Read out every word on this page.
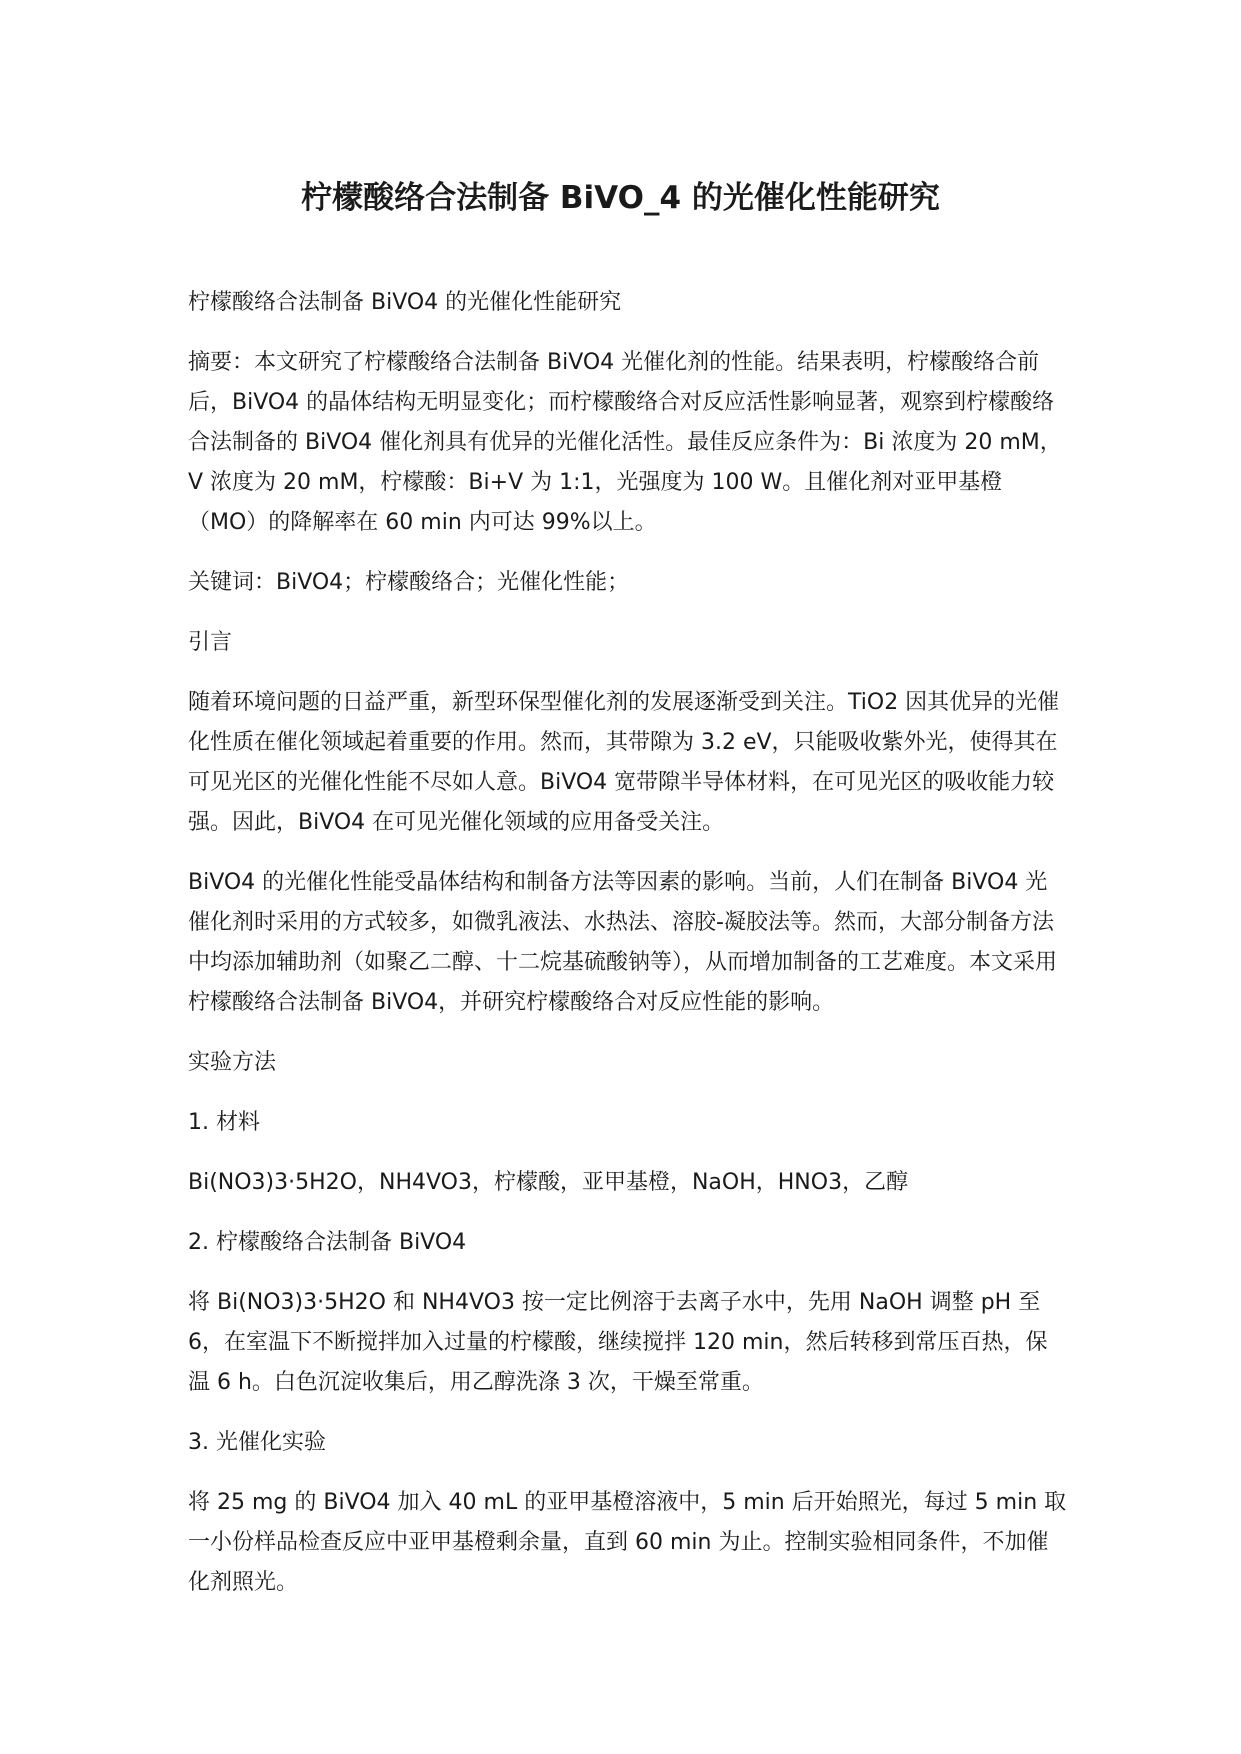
柠檬酸络合法制备 BiVO_4 的光催化性能研究

柠檬酸络合法制备 BiVO4 的光催化性能研究

摘要：本文研究了柠檬酸络合法制备 BiVO4 光催化剂的性能。结果表明，柠檬酸络合前后，BiVO4 的晶体结构无明显变化；而柠檬酸络合对反应活性影响显著，观察到柠檬酸络合法制备的 BiVO4 催化剂具有优异的光催化活性。最佳反应条件为：Bi 浓度为 20 mM，V 浓度为 20 mM，柠檬酸：Bi+V 为 1:1，光强度为 100 W。且催化剂对亚甲基橙（MO）的降解率在 60 min 内可达 99%以上。

关键词：BiVO4；柠檬酸络合；光催化性能；

引言

随着环境问题的日益严重，新型环保型催化剂的发展逐渐受到关注。TiO2 因其优异的光催化性质在催化领域起着重要的作用。然而，其带隙为 3.2 eV，只能吸收紫外光，使得其在可见光区的光催化性能不尽如人意。BiVO4 宽带隙半导体材料，在可见光区的吸收能力较强。因此，BiVO4 在可见光催化领域的应用备受关注。

BiVO4 的光催化性能受晶体结构和制备方法等因素的影响。当前，人们在制备 BiVO4 光催化剂时采用的方式较多，如微乳液法、水热法、溶胶-凝胶法等。然而，大部分制备方法中均添加辅助剂（如聚乙二醇、十二烷基硫酸钠等），从而增加制备的工艺难度。本文采用柠檬酸络合法制备 BiVO4，并研究柠檬酸络合对反应性能的影响。

实验方法

1. 材料

Bi(NO3)3·5H2O，NH4VO3，柠檬酸，亚甲基橙，NaOH，HNO3，乙醇

2. 柠檬酸络合法制备 BiVO4

将 Bi(NO3)3·5H2O 和 NH4VO3 按一定比例溶于去离子水中，先用 NaOH 调整 pH 至 6，在室温下不断搅拌加入过量的柠檬酸，继续搅拌 120 min，然后转移到常压百热，保温 6 h。白色沉淀收集后，用乙醇洗涤 3 次，干燥至常重。

3. 光催化实验

将 25 mg 的 BiVO4 加入 40 mL 的亚甲基橙溶液中，5 min 后开始照光，每过 5 min 取一小份样品检查反应中亚甲基橙剩余量，直到 60 min 为止。控制实验相同条件，不加催化剂照光。
